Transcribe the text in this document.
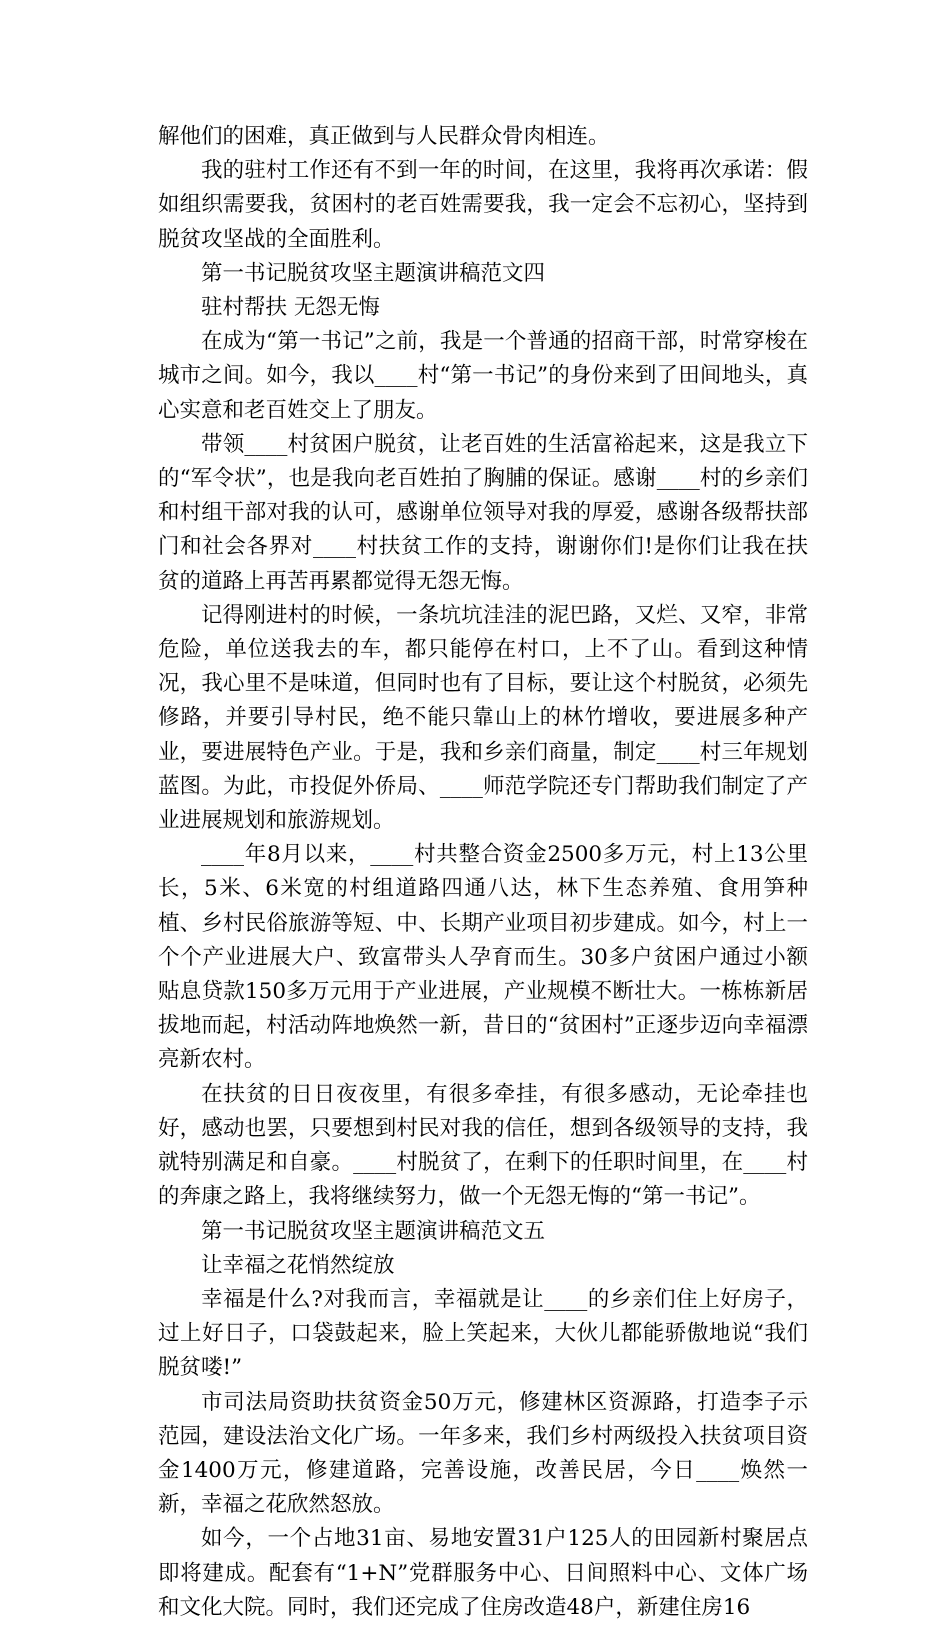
解他们的困难，真正做到与人民群众骨肉相连。

我的驻村工作还有不到一年的时间，在这里，我将再次承诺：假如组织需要我，贫困村的老百姓需要我，我一定会不忘初心，坚持到脱贫攻坚战的全面胜利。

第一书记脱贫攻坚主题演讲稿范文四

驻村帮扶 无怨无悔

在成为“第一书记”之前，我是一个普通的招商干部，时常穿梭在城市之间。如今，我以____村“第一书记”的身份来到了田间地头，真心实意和老百姓交上了朋友。

带领____村贫困户脱贫，让老百姓的生活富裕起来，这是我立下的“军令状”，也是我向老百姓拍了胸脯的保证。感谢____村的乡亲们和村组干部对我的认可，感谢单位领导对我的厚爱，感谢各级帮扶部门和社会各界对____村扶贫工作的支持，谢谢你们!是你们让我在扶贫的道路上再苦再累都觉得无怨无悔。

记得刚进村的时候，一条坑坑洼洼的泥巴路，又烂、又窄，非常危险，单位送我去的车，都只能停在村口，上不了山。看到这种情况，我心里不是味道，但同时也有了目标，要让这个村脱贫，必须先修路，并要引导村民，绝不能只靠山上的林竹增收，要进展多种产业，要进展特色产业。于是，我和乡亲们商量，制定____村三年规划蓝图。为此，市投促外侨局、____师范学院还专门帮助我们制定了产业进展规划和旅游规划。

____年8月以来，____村共整合资金2500多万元，村上13公里长，5米、6米宽的村组道路四通八达，林下生态养殖、食用笋种植、乡村民俗旅游等短、中、长期产业项目初步建成。如今，村上一个个产业进展大户、致富带头人孕育而生。30多户贫困户通过小额贴息贷款150多万元用于产业进展，产业规模不断壮大。一栋栋新居拔地而起，村活动阵地焕然一新，昔日的“贫困村”正逐步迈向幸福漂亮新农村。

在扶贫的日日夜夜里，有很多牵挂，有很多感动，无论牵挂也好，感动也罢，只要想到村民对我的信任，想到各级领导的支持，我就特别满足和自豪。____村脱贫了，在剩下的任职时间里，在____村的奔康之路上，我将继续努力，做一个无怨无悔的“第一书记”。

第一书记脱贫攻坚主题演讲稿范文五

让幸福之花悄然绽放

幸福是什么?对我而言，幸福就是让____的乡亲们住上好房子，过上好日子，口袋鼓起来，脸上笑起来，大伙儿都能骄傲地说“我们脱贫喽!”

市司法局资助扶贫资金50万元，修建林区资源路，打造李子示范园，建设法治文化广场。一年多来，我们乡村两级投入扶贫项目资金1400万元，修建道路，完善设施，改善民居，今日____焕然一新，幸福之花欣然怒放。

如今，一个占地31亩、易地安置31户125人的田园新村聚居点即将建成。配套有“1+N”党群服务中心、日间照料中心、文体广场和文化大院。同时，我们还完成了住房改造48户，新建住房16
